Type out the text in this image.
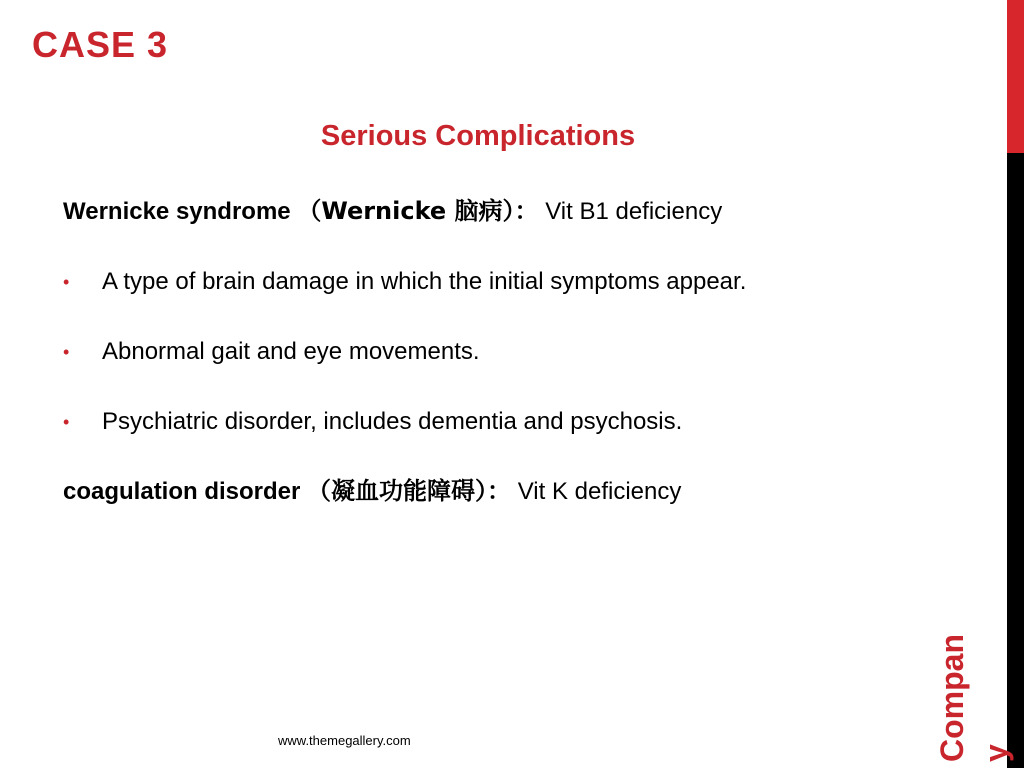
CASE 3
Serious Complications

Wernicke syndrome （Wernicke 脑病）： Vit B1 deficiency

• A type of brain damage in which the initial symptoms appear.

• Abnormal gait and eye movements.

• Psychiatric disorder, includes dementia and psychosis.

coagulation disorder （凝血功能障碍）： Vit K deficiency

Company

www.themegallery.com
